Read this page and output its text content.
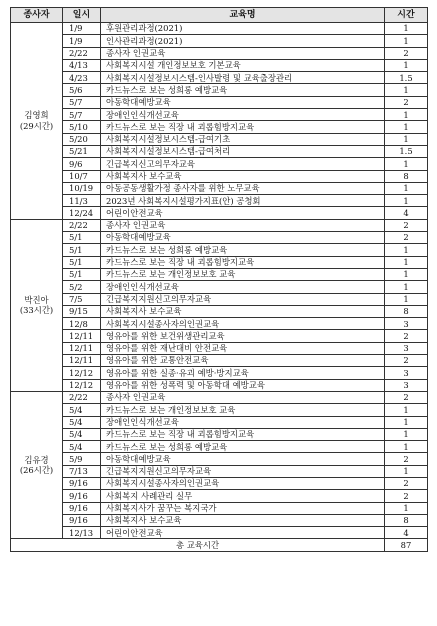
종사자	일시	교육명	시간

김영희
(29시간)	1/9	후원관리과정(2021)	1
	1/9	인사관리과정(2021)	1
	2/22	종사자 인권교육	2
	4/13	사회복지시설 개인정보보호 기본교육	1
	4/23	사회복지시설정보시스템-인사발령 및 교육출장관리	1.5
	5/6	카드뉴스로 보는 성희롱 예방교육	1
	5/7	아동학대예방교육	2
	5/7	장애인인식개선교육	1
	5/10	카드뉴스로 보는 직장 내 괴롭힘방지교육	1
	5/20	사회복지시설정보시스템-급여기초	1
	5/21	사회복지시설정보시스템-급여처리	1.5
	9/6	긴급복지신고의무자교육	1
	10/7	사회복지사 보수교육	8
	10/19	아동공동생활가정 종사자를 위한 노무교육	1
	11/3	2023년 사회복지시설평가지표(안) 공청회	1
	12/24	어린이안전교육	4

박진아
(33시간)	2/22	종사자 인권교육	2
	5/1	아동학대예방교육	2
	5/1	카드뉴스로 보는 성희롱 예방교육	1
	5/1	카드뉴스로 보는 직장 내 괴롭힘방지교육	1
	5/1	카드뉴스로 보는 개인정보보호 교육	1
	5/2	장애인인식개선교육	1
	7/5	긴급복지지원신고의무자교육	1
	9/15	사회복지사 보수교육	8
	12/8	사회복지시설종사자의인권교육	3
	12/11	영유아를 위한 보건위생관리교육	2
	12/11	영유아를 위한 재난대비 안전교육	3
	12/11	영유아를 위한 교통안전교육	2
	12/12	영유아를 위한 실종·유괴 예방·방지교육	3
	12/12	영유아를 위한 성폭력 및 아동학대 예방교육	3

김유경
(26시간)	2/22	종사자 인권교육	2
	5/4	카드뉴스로 보는 개인정보보호 교육	1
	5/4	장애인인식개선교육	1
	5/4	카드뉴스로 보는 직장 내 괴롭힘방지교육	1
	5/4	카드뉴스로 보는 성희롱 예방교육	1
	5/9	아동학대예방교육	2
	7/13	긴급복지지원신고의무자교육	1
	9/16	사회복지시설종사자의인권교육	2
	9/16	사회복지 사례관리 실무	2
	9/16	사회복지사가 꿈꾸는 복지국가	1
	9/16	사회복지사 보수교육	8
	12/13	어린이안전교육	4
총 교육시간			87
